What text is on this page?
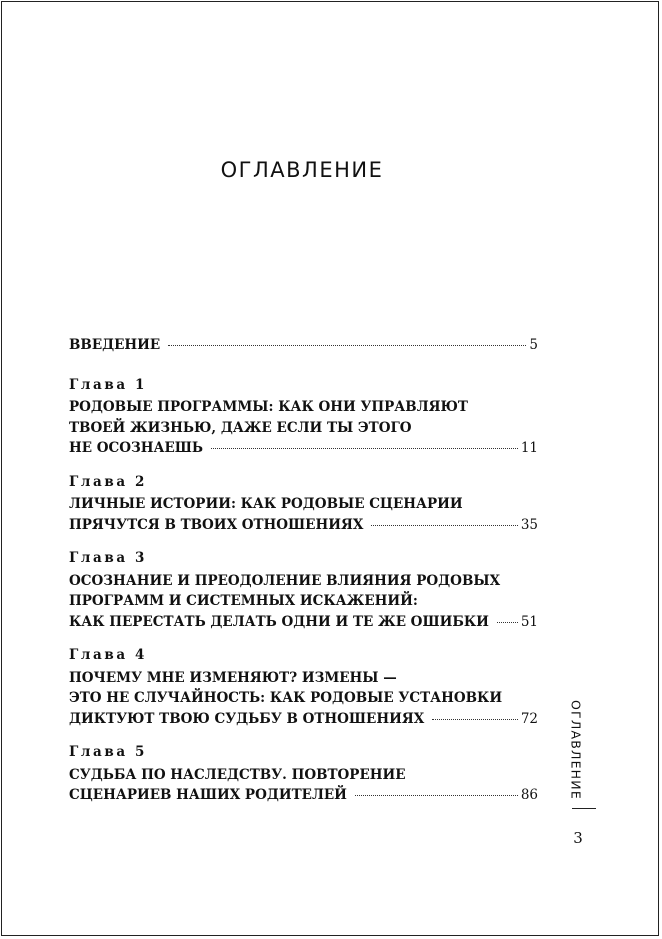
ОГЛАВЛЕНИЕ
ВВЕДЕНИЕ	5
Глава 1
РОДОВЫЕ ПРОГРАММЫ: КАК ОНИ УПРАВЛЯЮТ
ТВОЕЙ ЖИЗНЬЮ, ДАЖЕ ЕСЛИ ТЫ ЭТОГО
НЕ ОСОЗНАЕШЬ	11
Глава 2
ЛИЧНЫЕ ИСТОРИИ: КАК РОДОВЫЕ СЦЕНАРИИ
ПРЯЧУТСЯ В ТВОИХ ОТНОШЕНИЯХ	35
Глава 3
ОСОЗНАНИЕ И ПРЕОДОЛЕНИЕ ВЛИЯНИЯ РОДОВЫХ
ПРОГРАММ И СИСТЕМНЫХ ИСКАЖЕНИЙ:
КАК ПЕРЕСТАТЬ ДЕЛАТЬ ОДНИ И ТЕ ЖЕ ОШИБКИ 51
Глава 4
ПОЧЕМУ МНЕ ИЗМЕНЯЮТ? ИЗМЕНЫ —
ЭТО НЕ СЛУЧАЙНОСТЬ: КАК РОДОВЫЕ УСТАНОВКИ
ДИКТУЮТ ТВОЮ СУДЬБУ В ОТНОШЕНИЯХ	72
Глава 5
СУДЬБА ПО НАСЛЕДСТВУ. ПОВТОРЕНИЕ
СЦЕНАРИЕВ НАШИХ РОДИТЕЛЕЙ	86 ОГЛАВЛЕНИЕ
3
